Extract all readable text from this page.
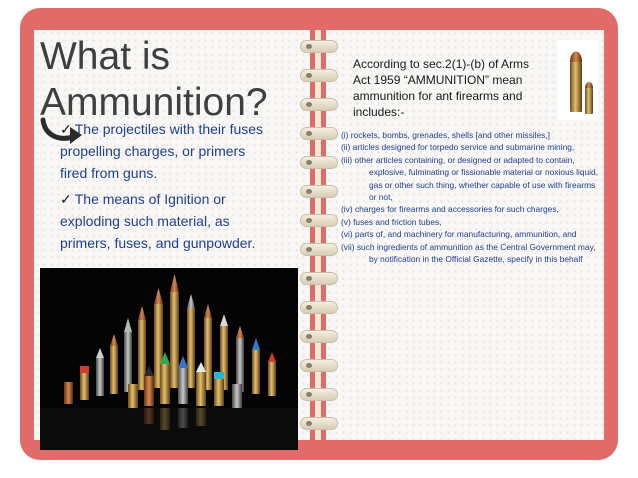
What is Ammunition?
✓ The projectiles with their fuses propelling charges, or primers fired from guns.
✓ The means of Ignition or exploding such material, as primers, fuses, and gunpowder.
According to sec.2(1)-(b) of Arms Act 1959 “AMMUNITION” mean ammunition for ant firearms and includes:-
(i) rockets, bombs, grenades, shells [and other missiles,]
(ii) articles designed for torpedo service and submarine mining,
(iii) other articles containing, or designed or adapted to contain, explosive, fulminating or fissionable material or noxious liquid, gas or other such thing, whether capable of use with firearms or not,
(iv) charges for firearms and accessories for such charges,
(v) fuses and friction tubes,
(vi) parts of, and machinery for manufacturing, ammunition, and
(vii) such ingredients of ammunition as the Central Government may, by notification in the Official Gazette, specify in this behalf
